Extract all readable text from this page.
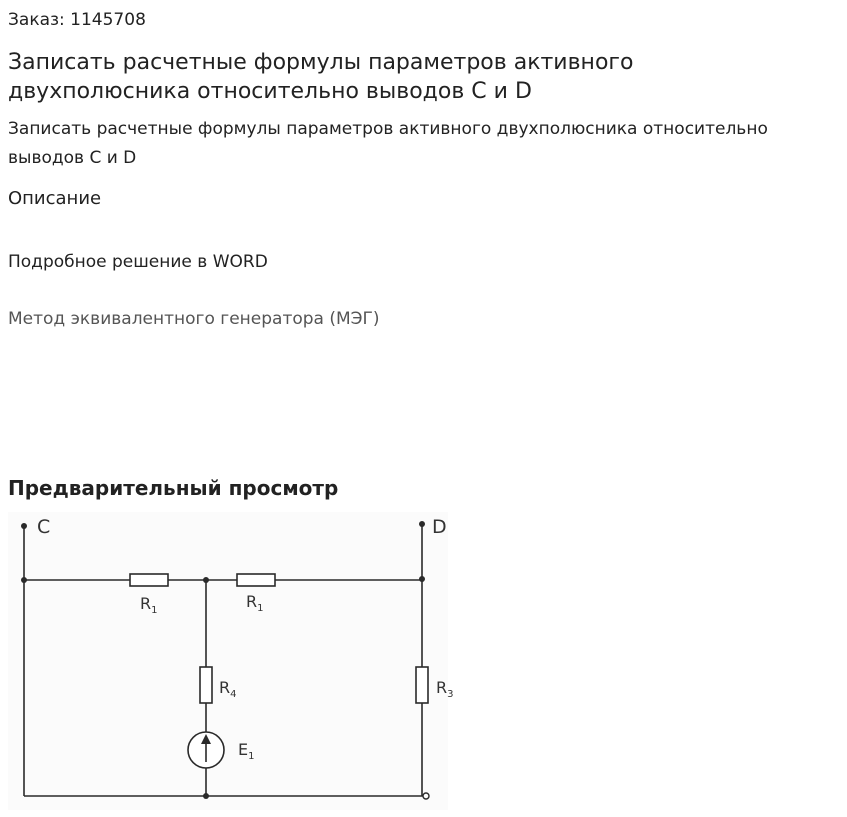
Заказ: 1145708
Записать расчетные формулы параметров активного двухполюсника относительно выводов С и D
Записать расчетные формулы параметров активного двухполюсника относительно выводов С и D
Описание
Подробное решение в WORD
Метод эквивалентного генератора (МЭГ)
Предварительный просмотр
C	D
$R_1$	$R_1$
$R_4$	$R_3$
$E_1$
